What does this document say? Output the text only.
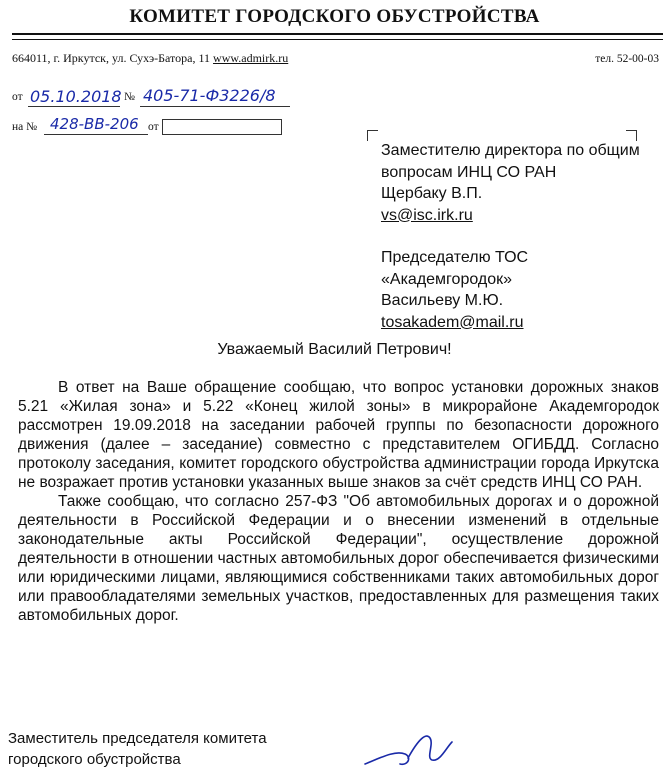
КОМИТЕТ ГОРОДСКОГО ОБУСТРОЙСТВА
664011, г. Иркутск, ул. Сухэ-Батора, 11 www.admirk.ru	тел. 52-00-03
от 05.10.2018 № 405-71-Ф3226/8
на № 428-ВВ-206 от
Заместителю директора по общим
вопросам ИНЦ СО РАН
Щербаку В.П.
vs@isc.irk.ru
Председателю ТОС
«Академгородок»
Васильеву М.Ю.
tosakadem@mail.ru
Уважаемый Василий Петрович!

В ответ на Ваше обращение сообщаю, что вопрос установки дорожных знаков 5.21 «Жилая зона» и 5.22 «Конец жилой зоны» в микрорайоне Академгородок рассмотрен 19.09.2018 на заседании рабочей группы по безопасности дорожного движения (далее – заседание) совместно с представителем ОГИБДД. Согласно протоколу заседания, комитет городского обустройства администрации города Иркутска не возражает против установки указанных выше знаков за счёт средств ИНЦ СО РАН.

Также сообщаю, что согласно 257-ФЗ "Об автомобильных дорогах и о дорожной деятельности в Российской Федерации и о внесении изменений в отдельные законодательные акты Российской Федерации", осуществление дорожной деятельности в отношении частных автомобильных дорог обеспечивается физическими или юридическими лицами, являющимися собственниками таких автомобильных дорог или правообладателями земельных участков, предоставленных для размещения таких автомобильных дорог.

Заместитель председателя комитета
городского обустройства
